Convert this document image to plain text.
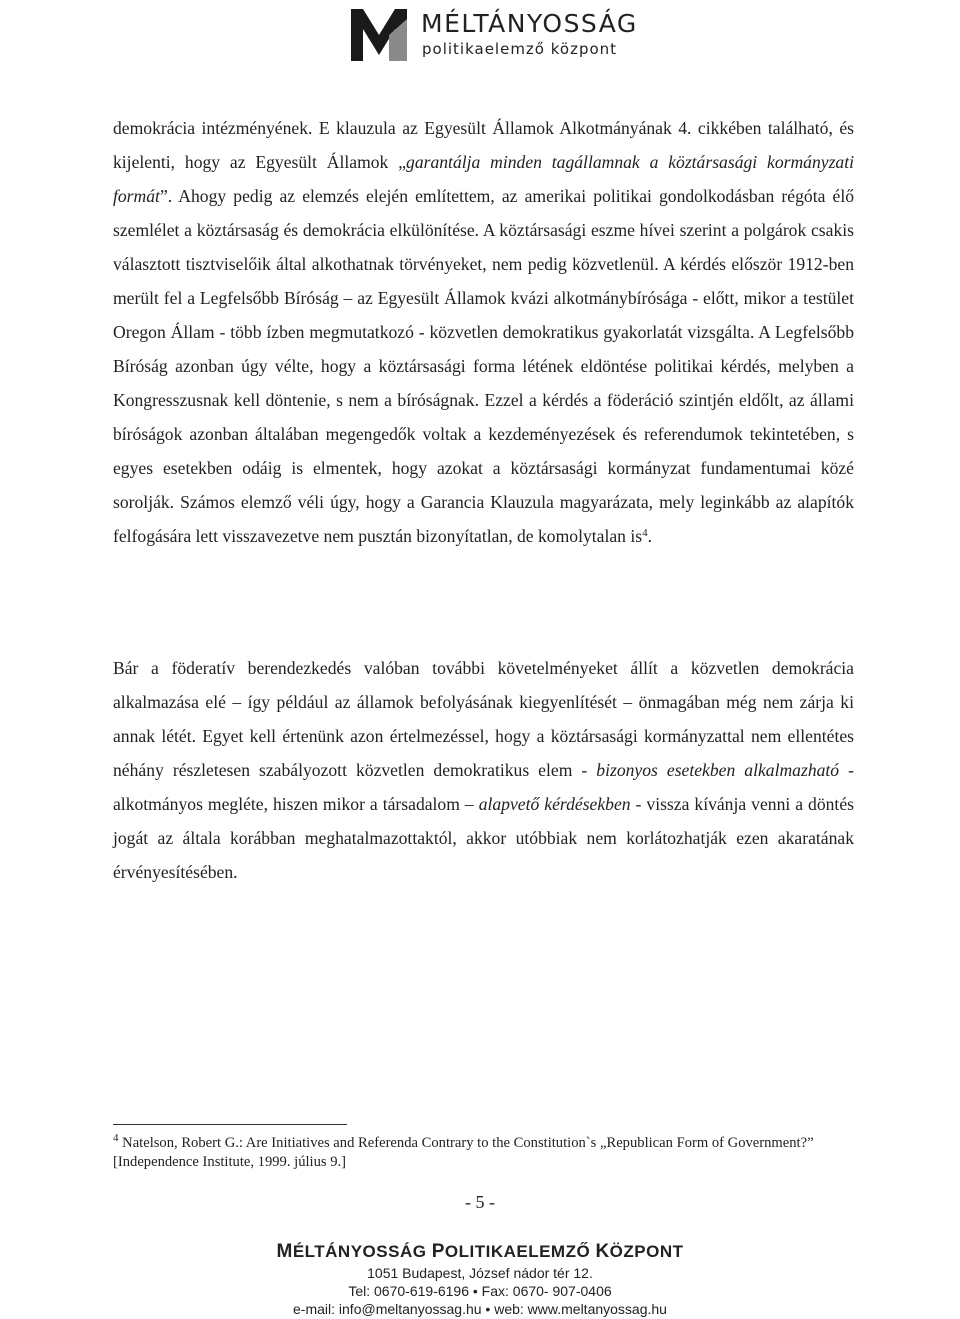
MÉLTÁNYOSSÁG
politikaelemző központ
demokrácia intézményének. E klauzula az Egyesült Államok Alkotmányának 4. cikkében található, és kijelenti, hogy az Egyesült Államok „garantálja minden tagállamnak a köztársasági kormányzati formát”. Ahogy pedig az elemzés elején említettem, az amerikai politikai gondolkodásban régóta élő szemlélet a köztársaság és demokrácia elkülönítése. A köztársasági eszme hívei szerint a polgárok csakis választott tisztviselőik által alkothatnak törvényeket, nem pedig közvetlenül. A kérdés először 1912-ben merült fel a Legfelsőbb Bíróság – az Egyesült Államok kvázi alkotmánybírósága - előtt, mikor a testület Oregon Állam - több ízben megmutatkozó - közvetlen demokratikus gyakorlatát vizsgálta. A Legfelsőbb Bíróság azonban úgy vélte, hogy a köztársasági forma létének eldöntése politikai kérdés, melyben a Kongresszusnak kell döntenie, s nem a bíróságnak. Ezzel a kérdés a föderáció szintjén eldőlt, az állami bíróságok azonban általában megengedők voltak a kezdeményezések és referendumok tekintetében, s egyes esetekben odáig is elmentek, hogy azokat a köztársasági kormányzat fundamentumai közé sorolják. Számos elemző véli úgy, hogy a Garancia Klauzula magyarázata, mely leginkább az alapítók felfogására lett visszavezetve nem pusztán bizonyítatlan, de komolytalan $is^4$.
Bár a föderatív berendezkedés valóban további követelményeket állít a közvetlen demokrácia alkalmazása elé – így például az államok befolyásának kiegyenlítését – önmagában még nem zárja ki annak létét. Egyet kell értenünk azon értelmezéssel, hogy a köztársasági kormányzattal nem ellentétes néhány részletesen szabályozott közvetlen demokratikus elem - bizonyos esetekben alkalmazható - alkotmányos megléte, hiszen mikor a társadalom – alapvető kérdésekben - vissza kívánja venni a döntés jogát az általa korábban meghatalmazottaktól, akkor utóbbiak nem korlátozhatják ezen akaratának érvényesítésében.
$^4$ Natelson, Robert G.: Are Initiatives and Referenda Contrary to the Constitution`s „Republican Form of Government?” [Independence Institute, 1999. július 9.]
- 5 -
MÉLTÁNYOSSÁG POLITIKAELEMZŐ KÖZPONT
1051 Budapest, József nádor tér 12.
Tel: 0670-619-6196 • Fax: 0670- 907-0406
e-mail: info@meltanyossag.hu • web: www.meltanyossag.hu
